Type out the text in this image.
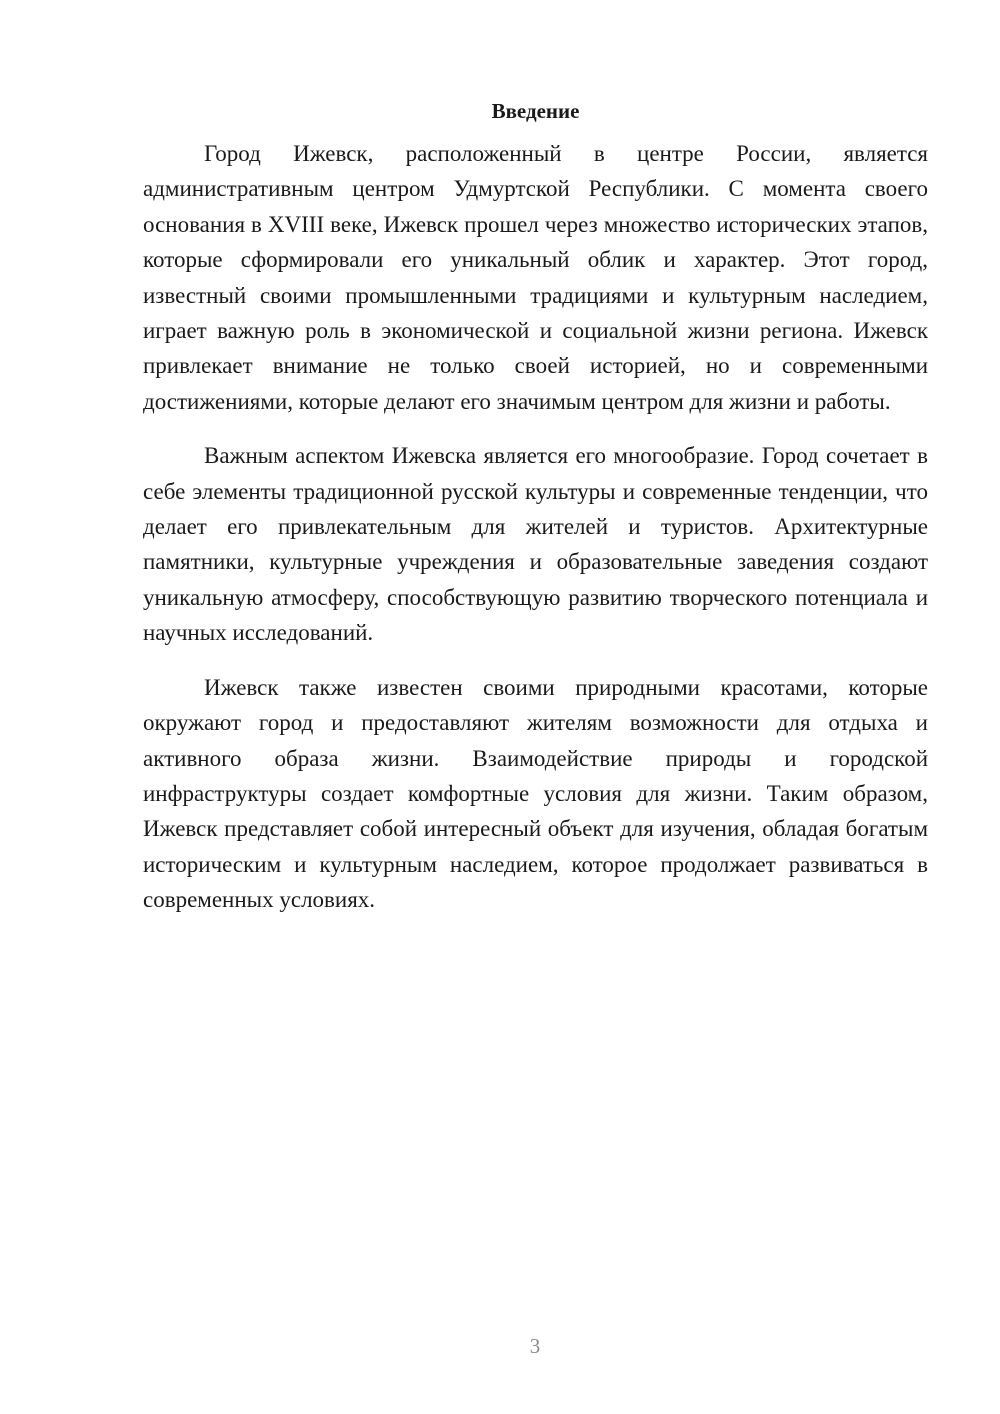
Введение

Город Ижевск, расположенный в центре России, является административным центром Удмуртской Республики. С момента своего основания в XVIII веке, Ижевск прошел через множество исторических этапов, которые сформировали его уникальный облик и характер. Этот город, известный своими промышленными традициями и культурным наследием, играет важную роль в экономической и социальной жизни региона. Ижевск привлекает внимание не только своей историей, но и современными достижениями, которые делают его значимым центром для жизни и работы.

Важным аспектом Ижевска является его многообразие. Город сочетает в себе элементы традиционной русской культуры и современные тенденции, что делает его привлекательным для жителей и туристов. Архитектурные памятники, культурные учреждения и образовательные заведения создают уникальную атмосферу, способствующую развитию творческого потенциала и научных исследований.

Ижевск также известен своими природными красотами, которые окружают город и предоставляют жителям возможности для отдыха и активного образа жизни. Взаимодействие природы и городской инфраструктуры создает комфортные условия для жизни. Таким образом, Ижевск представляет собой интересный объект для изучения, обладая богатым историческим и культурным наследием, которое продолжает развиваться в современных условиях.

3
